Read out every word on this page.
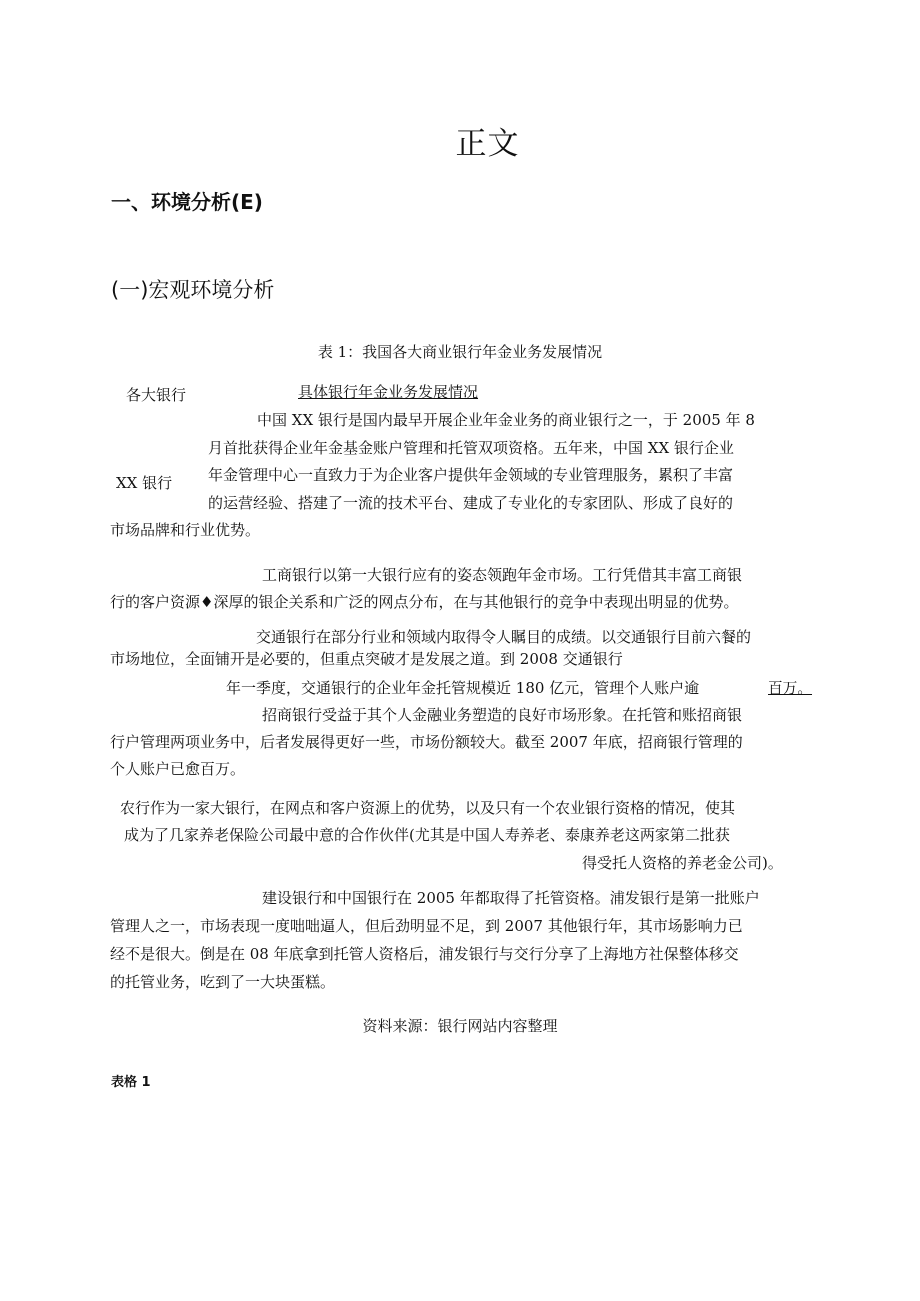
正文
一、环境分析(E)
(一)宏观环境分析
表 1：我国各大商业银行年金业务发展情况
各大银行	具体银行年金业务发展情况
XX 银行
中国 XX 银行是国内最早开展企业年金业务的商业银行之一，于 2005 年 8
月首批获得企业年金基金账户管理和托管双项资格。五年来，中国 XX 银行企业
年金管理中心一直致力于为企业客户提供年金领域的专业管理服务，累积了丰富
的运营经验、搭建了一流的技术平台、建成了专业化的专家团队、形成了良好的
市场品牌和行业优势。
工商银行以第一大银行应有的姿态领跑年金市场。工行凭借其丰富工商银
行的客户资源♦深厚的银企关系和广泛的网点分布，在与其他银行的竞争中表现出明显的优势。
交通银行在部分行业和领域内取得令人瞩目的成绩。以交通银行目前六餐的
市场地位，全面铺开是必要的，但重点突破才是发展之道。到 2008 交通银行
年一季度，交通银行的企业年金托管规模近 180 亿元，管理个人账户逾	百万。
招商银行受益于其个人金融业务塑造的良好市场形象。在托管和账招商银
行户管理两项业务中，后者发展得更好一些，市场份额较大。截至 2007 年底，招商银行管理的
个人账户已愈百万。
农行作为一家大银行，在网点和客户资源上的优势，以及只有一个农业银行资格的情况，使其
成为了几家养老保险公司最中意的合作伙伴(尤其是中国人寿养老、泰康养老这两家第二批获
得受托人资格的养老金公司)。
建设银行和中国银行在 2005 年都取得了托管资格。浦发银行是第一批账户
管理人之一，市场表现一度咄咄逼人，但后劲明显不足，到 2007 其他银行年，其市场影响力已
经不是很大。倒是在 08 年底拿到托管人资格后，浦发银行与交行分享了上海地方社保整体移交
的托管业务，吃到了一大块蛋糕。
资料来源：银行网站内容整理
表格 1
